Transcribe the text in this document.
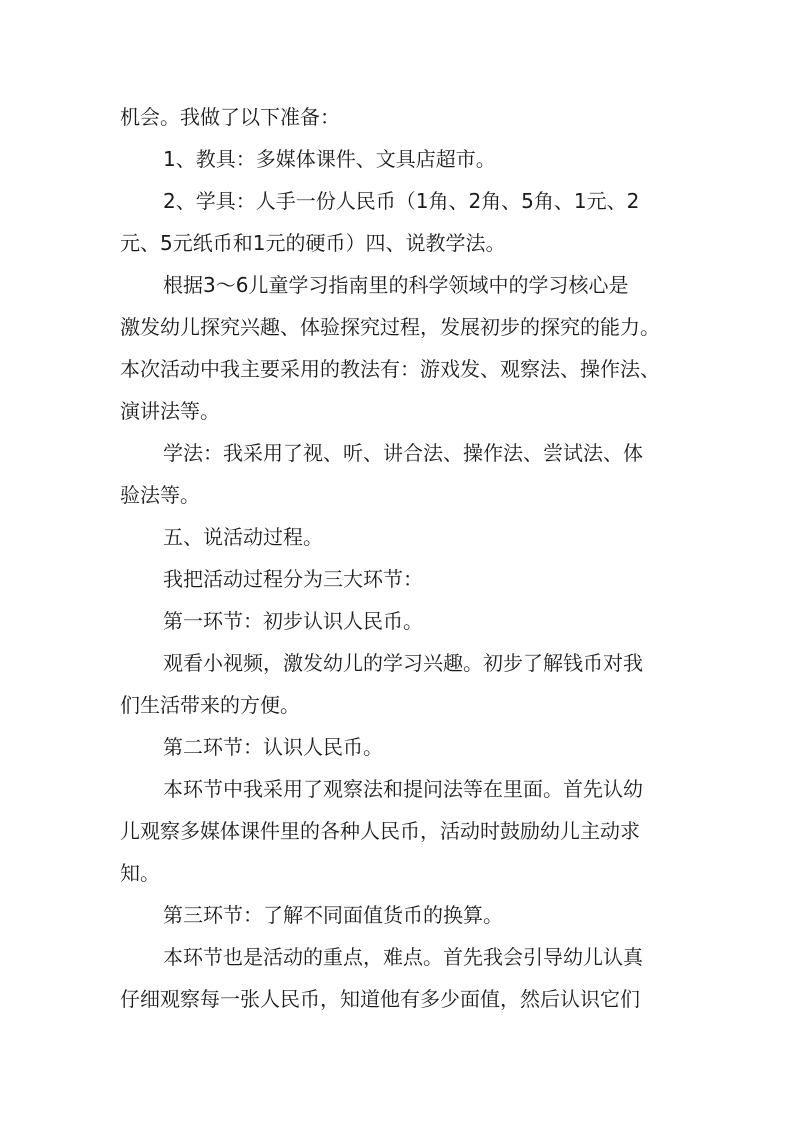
机会。我做了以下准备：
1、教具：多媒体课件、文具店超市。
2、学具：人手一份人民币（1角、2角、5角、1元、2
元、5元纸币和1元的硬币）四、说教学法。
根据3～6儿童学习指南里的科学领域中的学习核心是
激发幼儿探究兴趣、体验探究过程，发展初步的探究的能力。
本次活动中我主要采用的教法有：游戏发、观察法、操作法、
演讲法等。
学法：我采用了视、听、讲合法、操作法、尝试法、体
验法等。
五、说活动过程。
我把活动过程分为三大环节：
第一环节：初步认识人民币。
观看小视频，激发幼儿的学习兴趣。初步了解钱币对我
们生活带来的方便。
第二环节：认识人民币。
本环节中我采用了观察法和提问法等在里面。首先认幼
儿观察多媒体课件里的各种人民币，活动时鼓励幼儿主动求
知。
第三环节：了解不同面值货币的换算。
本环节也是活动的重点，难点。首先我会引导幼儿认真
仔细观察每一张人民币，知道他有多少面值，然后认识它们
